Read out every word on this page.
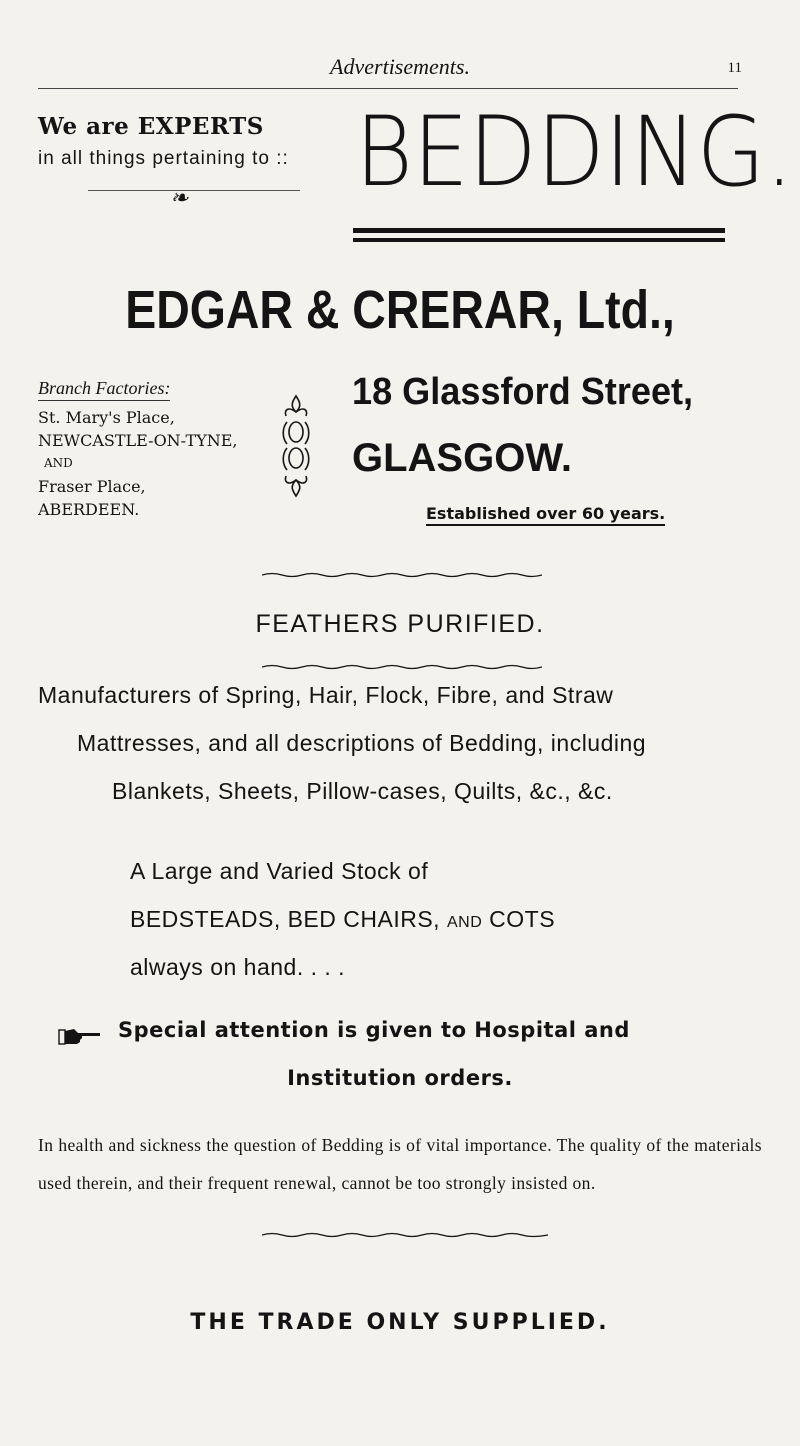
Advertisements.	11
We are EXPERTS
in all things pertaining to ::
❧ BEDDING.
EDGAR & CRERAR, Ltd.,
Branch Factories:
St. Mary's Place,
NEWCASTLE-ON-TYNE,
AND
Fraser Place,
ABERDEEN.
18 Glassford Street,
GLASGOW.
Established over 60 years.
FEATHERS PURIFIED.
Manufacturers of Spring, Hair, Flock, Fibre, and Straw
Mattresses, and all descriptions of Bedding, including
Blankets, Sheets, Pillow-cases, Quilts, &c., &c.
A Large and Varied Stock of
BEDSTEADS, BED CHAIRS, AND COTS
always on hand. . . .
Special attention is given to Hospital and
Institution orders.
In health and sickness the question of Bedding is of vital importance. The quality of the materials used therein, and their frequent renewal, cannot be too strongly insisted on.
THE TRADE ONLY SUPPLIED.
